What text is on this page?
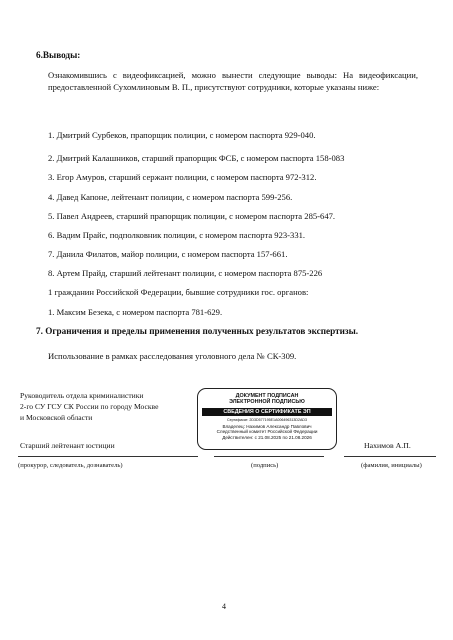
6.Выводы:
Ознакомившись с видеофиксацией, можно вынести следующие выводы: На видеофиксации, предоставленной Сухомлиновым В. П., присутствуют сотрудники, которые указаны ниже:
1. Дмитрий Сурбеков, прапорщик полиции, с номером паспорта 929-040.
2. Дмитрий Калашников, старший прапорщик ФСБ, с номером паспорта 158-083
3. Егор Амуров, старший сержант полиции, с номером паспорта 972-312.
4. Давед Капоне, лейтенант полиции, с номером паспорта 599-256.
5. Павел Андреев, старший прапорщик полиции, с номером паспорта 285-647.
6. Вадим Прайс, подполковник полиции, с номером паспорта 923-331.
7. Данила Филатов, майор полиции, с номером паспорта 157-661.
8. Артем Прайд, старший лейтенант полиции, с номером паспорта 875-226
1 гражданин Российской Федерации, бывшие сотрудники гос. органов:
1. Максим Безека, с номером паспорта 781-629.
7. Ограничения и пределы применения полученных результатов экспертизы.
Использование в рамках расследования уголовного дела № СК-309.
Руководитель отдела криминалистики
2-го СУ ГСУ СК России по городу Москве
и Московской области
ДОКУМЕНТ ПОДПИСАН
ЭЛЕКТРОННОЙ ПОДПИСЬЮ
СВЕДЕНИЯ О СЕРТИФИКАТЕ ЭП
Сертификат: 2D3D577195E1A006496313D2AD3
Владелец: Нахимов Александр Павлович
Следственный комитет Российской Федерации
Действителен: с 21.08.2025 по 21.08.2026
Старший лейтенант юстиции	Нахимов А.П.
(прокурор, следователь, дознаватель)	(подпись)	(фамилия, инициалы)
4
